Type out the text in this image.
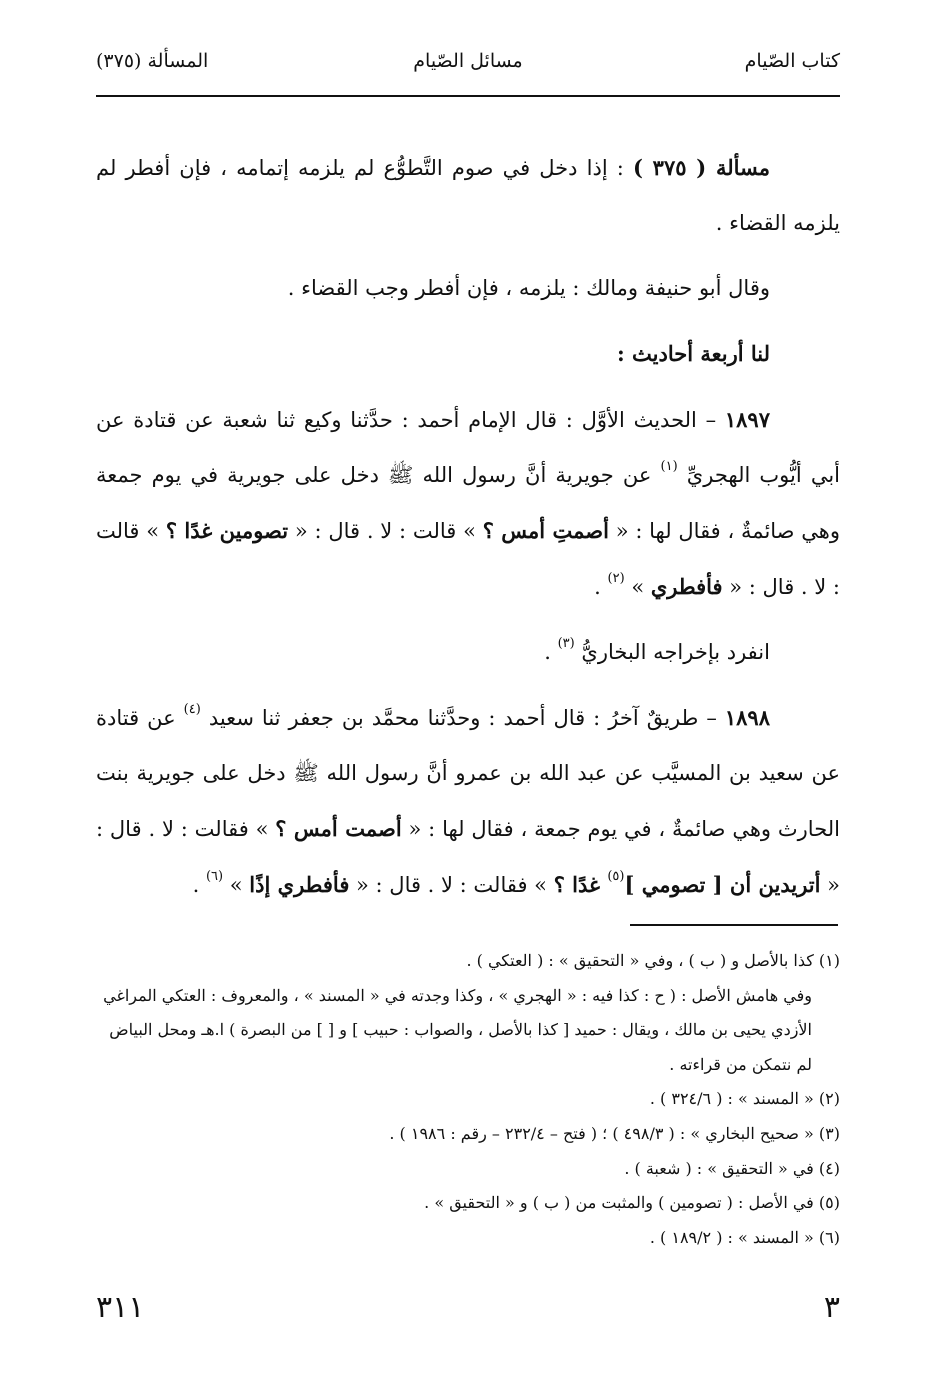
كتاب الصّيام
مسائل الصّيام
المسألة (٣٧٥)

مسألة ( ٣٧٥ ) : إذا دخل في صوم التَّطوُّع لم يلزمه إتمامه ، فإن أفطر لم يلزمه القضاء .

وقال أبو حنيفة ومالك : يلزمه ، فإن أفطر وجب القضاء .

لنا أربعة أحاديث :

١٨٩٧ – الحديث الأوَّل : قال الإمام أحمد : حدَّثنا وكيع ثنا شعبة عن قتادة عن أبي أيُّوب الهجريِّ $^{(١)}$ عن جويرية أنَّ رسول الله ﷺ دخل على جويرية في يوم جمعة وهي صائمةٌ ، فقال لها : « أصمتِ أمس ؟ » قالت : لا . قال : « تصومين غدًا ؟ » قالت : لا . قال : « فأفطري » $^{(٢)}$ .

انفرد بإخراجه البخاريُّ $^{(٣)}$ .

١٨٩٨ – طريقٌ آخرُ : قال أحمد : وحدَّثنا محمَّد بن جعفر ثنا سعيد $^{(٤)}$ عن قتادة عن سعيد بن المسيَّب عن عبد الله بن عمرو أنَّ رسول الله ﷺ دخل على جويرية بنت الحارث وهي صائمةٌ ، في يوم جمعة ، فقال لها : « أصمت أمس ؟ » فقالت : لا . قال : « أتريدين أن [ تصومي ]$^{(٥)}$ غدًا ؟ » فقالت : لا . قال : « فأفطري إذًا » $^{(٦)}$ .

(١) كذا بالأصل و ( ب ) ، وفي « التحقيق » : ( العتكي ) .

وفي هامش الأصل : ( ح : كذا فيه : « الهجري » ، وكذا وجدته في « المسند » ، والمعروف : العتكي المراغي الأزدي يحيى بن مالك ، ويقال : حميد [ كذا بالأصل ، والصواب : حبيب ] و [ ] من البصرة ) ا.هـ ومحل البياض لم نتمكن من قراءته .

(٢) « المسند » : ( ٣٢٤/٦ ) .

(٣) « صحيح البخاري » : ( ٤٩٨/٣ ) ؛ ( فتح – ٢٣٢/٤ – رقم : ١٩٨٦ ) .

(٤) في « التحقيق » : ( شعبة ) .

(٥) في الأصل : ( تصومين ) والمثبت من ( ب ) و « التحقيق » .

(٦) « المسند » : ( ١٨٩/٢ ) .

٣
٣١١
